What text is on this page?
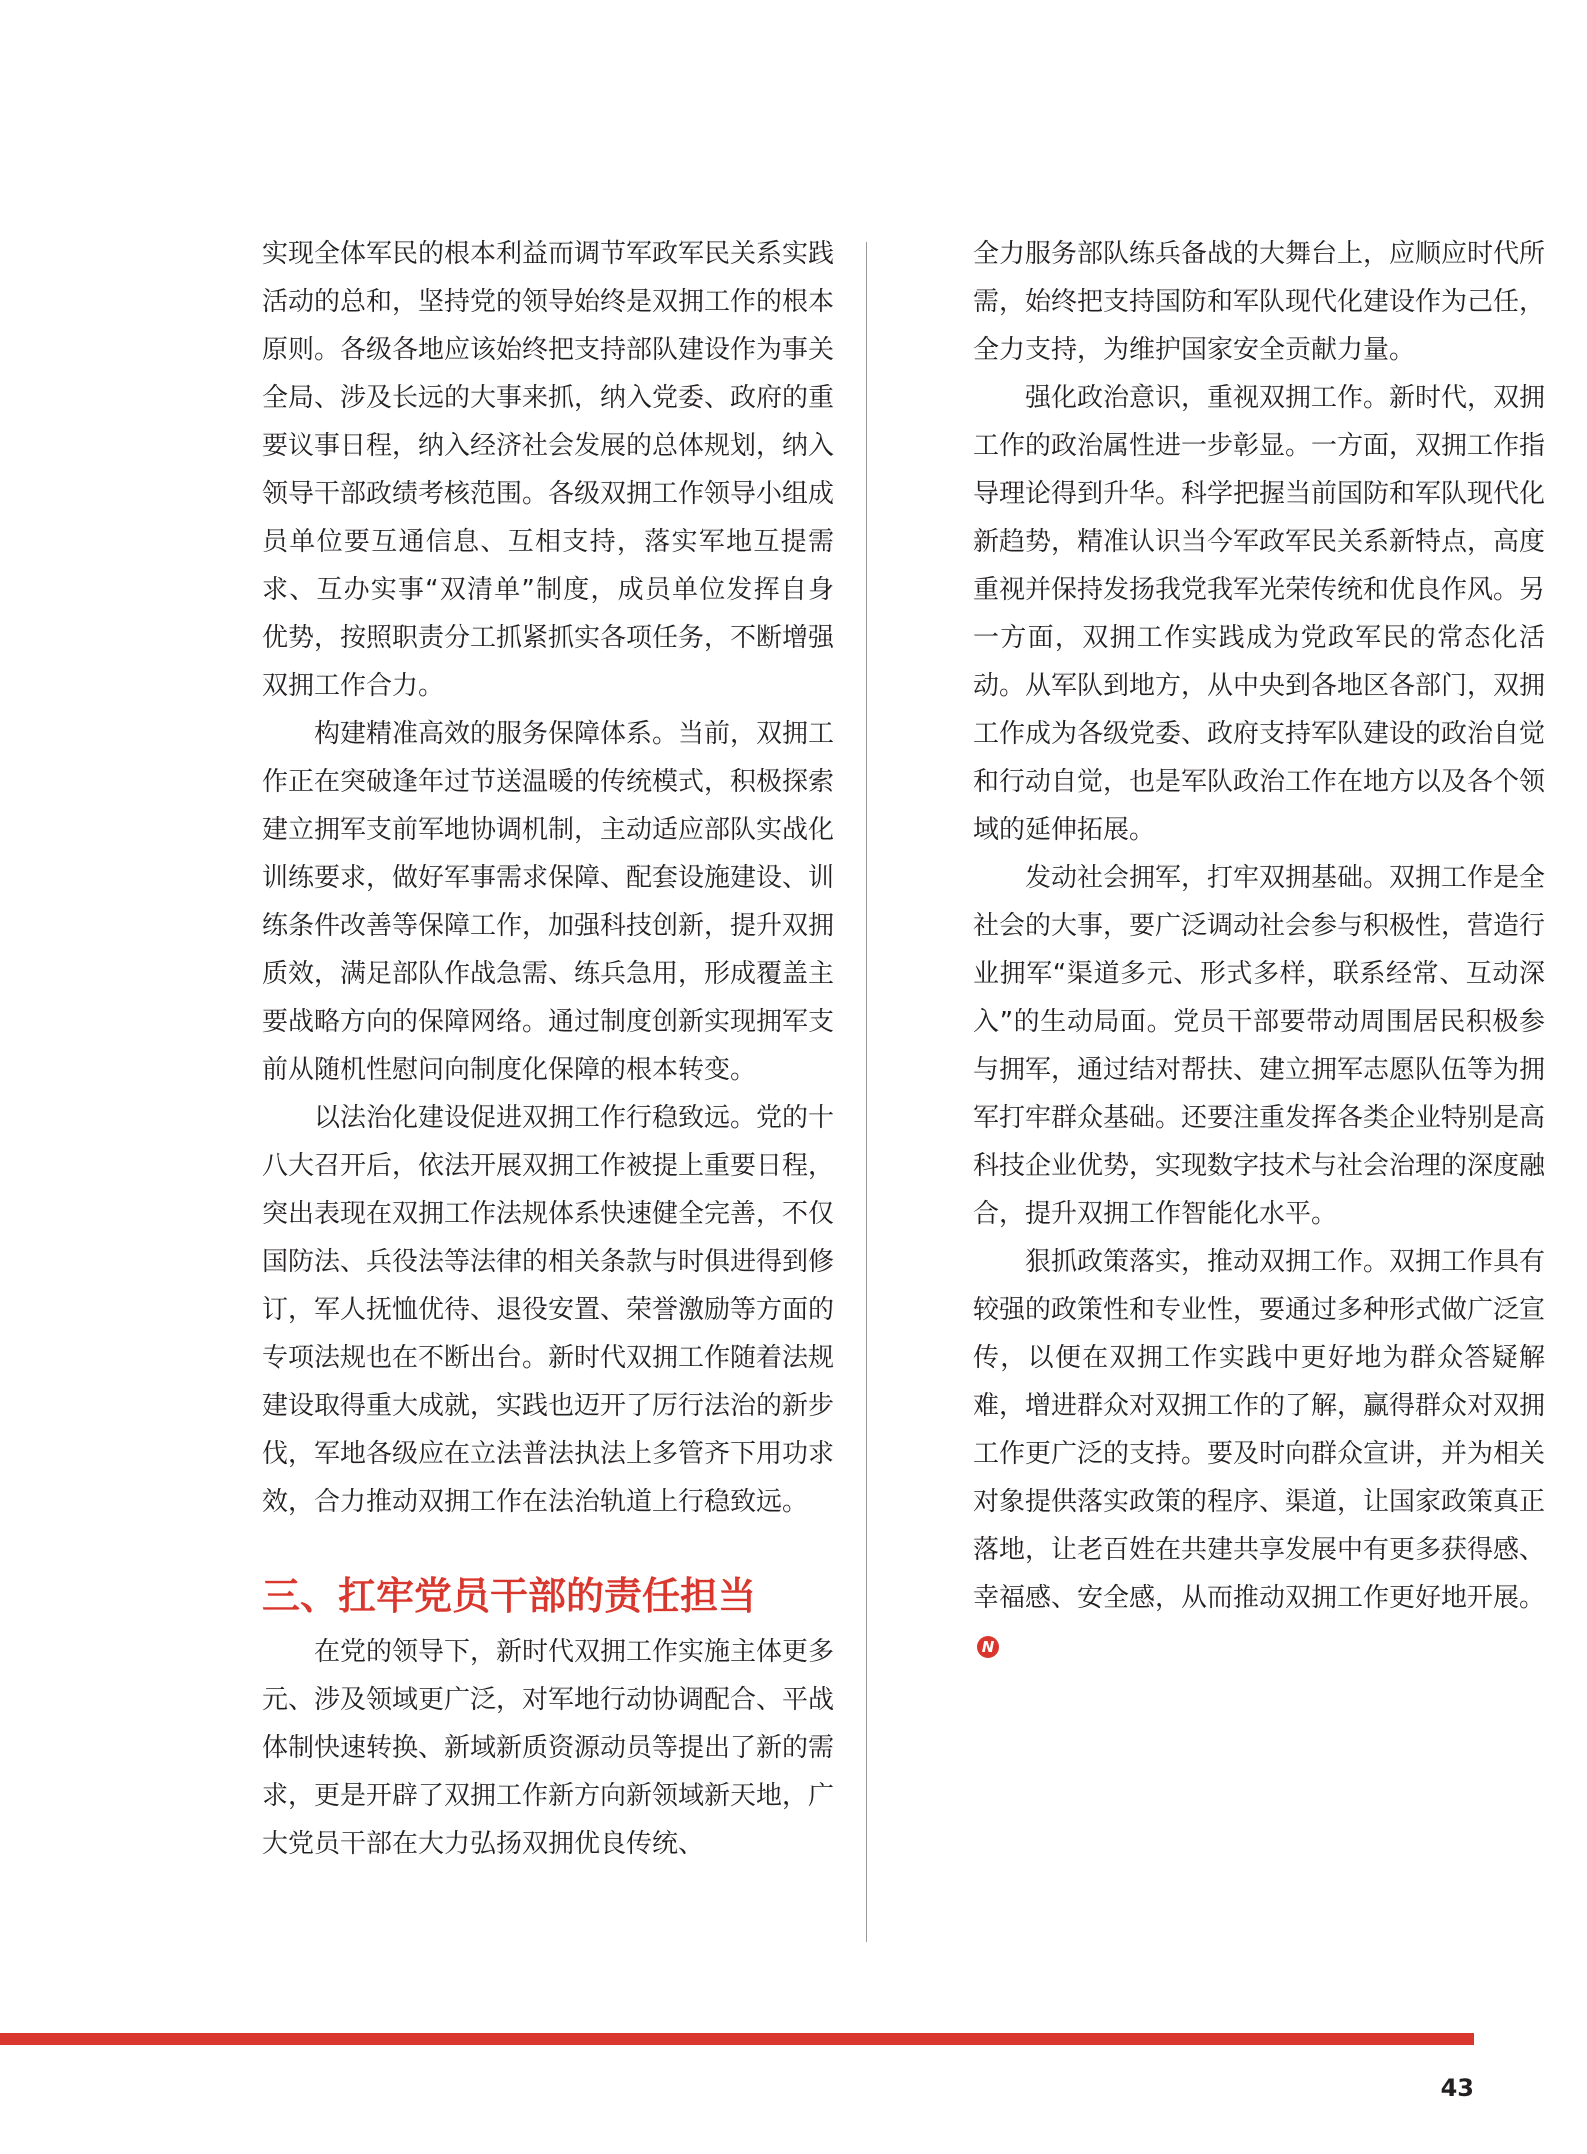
实现全体军民的根本利益而调节军政军民关系实践活动的总和，坚持党的领导始终是双拥工作的根本原则。各级各地应该始终把支持部队建设作为事关全局、涉及长远的大事来抓，纳入党委、政府的重要议事日程，纳入经济社会发展的总体规划，纳入领导干部政绩考核范围。各级双拥工作领导小组成员单位要互通信息、互相支持，落实军地互提需求、互办实事“双清单”制度，成员单位发挥自身优势，按照职责分工抓紧抓实各项任务，不断增强双拥工作合力。

构建精准高效的服务保障体系。当前，双拥工作正在突破逢年过节送温暖的传统模式，积极探索建立拥军支前军地协调机制，主动适应部队实战化训练要求，做好军事需求保障、配套设施建设、训练条件改善等保障工作，加强科技创新，提升双拥质效，满足部队作战急需、练兵急用，形成覆盖主要战略方向的保障网络。通过制度创新实现拥军支前从随机性慰问向制度化保障的根本转变。

以法治化建设促进双拥工作行稳致远。党的十八大召开后，依法开展双拥工作被提上重要日程，突出表现在双拥工作法规体系快速健全完善，不仅国防法、兵役法等法律的相关条款与时俱进得到修订，军人抚恤优待、退役安置、荣誉激励等方面的专项法规也在不断出台。新时代双拥工作随着法规建设取得重大成就，实践也迈开了厉行法治的新步伐，军地各级应在立法普法执法上多管齐下用功求效，合力推动双拥工作在法治轨道上行稳致远。

三、扛牢党员干部的责任担当

在党的领导下，新时代双拥工作实施主体更多元、涉及领域更广泛，对军地行动协调配合、平战体制快速转换、新域新质资源动员等提出了新的需求，更是开辟了双拥工作新方向新领域新天地，广大党员干部在大力弘扬双拥优良传统、

全力服务部队练兵备战的大舞台上，应顺应时代所需，始终把支持国防和军队现代化建设作为己任，全力支持，为维护国家安全贡献力量。

强化政治意识，重视双拥工作。新时代，双拥工作的政治属性进一步彰显。一方面，双拥工作指导理论得到升华。科学把握当前国防和军队现代化新趋势，精准认识当今军政军民关系新特点，高度重视并保持发扬我党我军光荣传统和优良作风。另一方面，双拥工作实践成为党政军民的常态化活动。从军队到地方，从中央到各地区各部门，双拥工作成为各级党委、政府支持军队建设的政治自觉和行动自觉，也是军队政治工作在地方以及各个领域的延伸拓展。

发动社会拥军，打牢双拥基础。双拥工作是全社会的大事，要广泛调动社会参与积极性，营造行业拥军“渠道多元、形式多样，联系经常、互动深入”的生动局面。党员干部要带动周围居民积极参与拥军，通过结对帮扶、建立拥军志愿队伍等为拥军打牢群众基础。还要注重发挥各类企业特别是高科技企业优势，实现数字技术与社会治理的深度融合，提升双拥工作智能化水平。

狠抓政策落实，推动双拥工作。双拥工作具有较强的政策性和专业性，要通过多种形式做广泛宣传，以便在双拥工作实践中更好地为群众答疑解难，增进群众对双拥工作的了解，赢得群众对双拥工作更广泛的支持。要及时向群众宣讲，并为相关对象提供落实政策的程序、渠道，让国家政策真正落地，让老百姓在共建共享发展中有更多获得感、幸福感、安全感，从而推动双拥工作更好地开展。N

43
